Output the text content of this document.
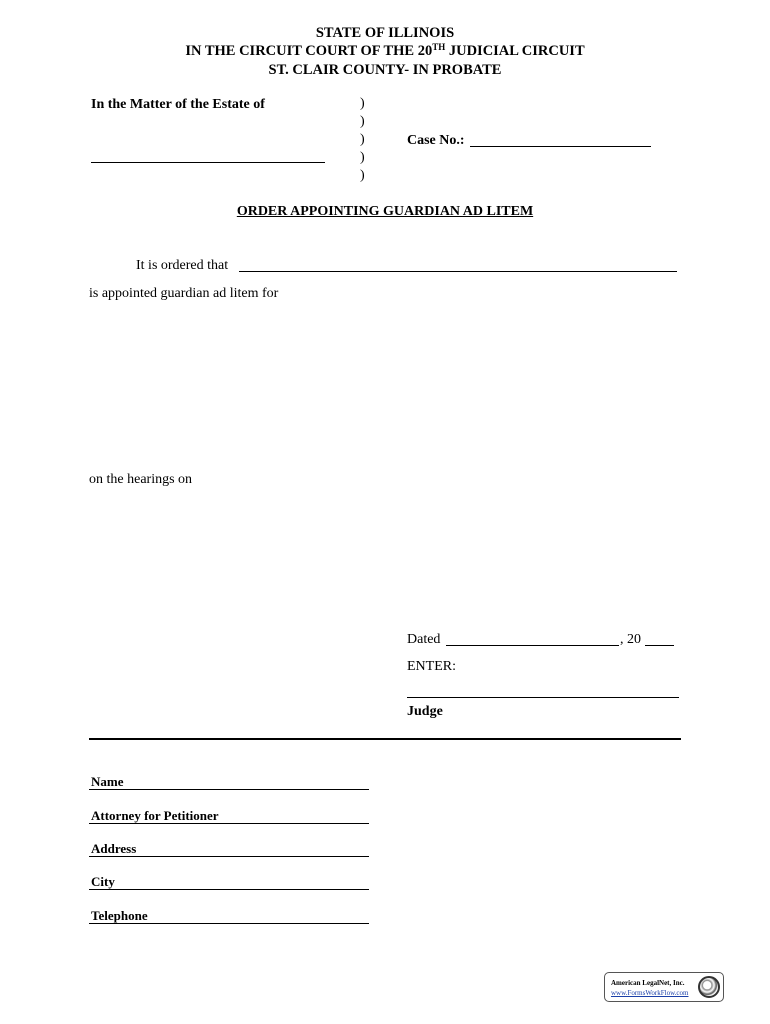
STATE OF ILLINOIS
IN THE CIRCUIT COURT OF THE 20TH JUDICIAL CIRCUIT
ST. CLAIR COUNTY- IN PROBATE
In the Matter of the Estate of	)
)
)
)
)
Case No.:
ORDER APPOINTING GUARDIAN AD LITEM
It is ordered that
is appointed guardian ad litem for
on the hearings on
Dated	, 20
ENTER:
Judge
Name
Attorney for Petitioner
Address
City
Telephone
American LegalNet, Inc.
www.FormsWorkFlow.com
